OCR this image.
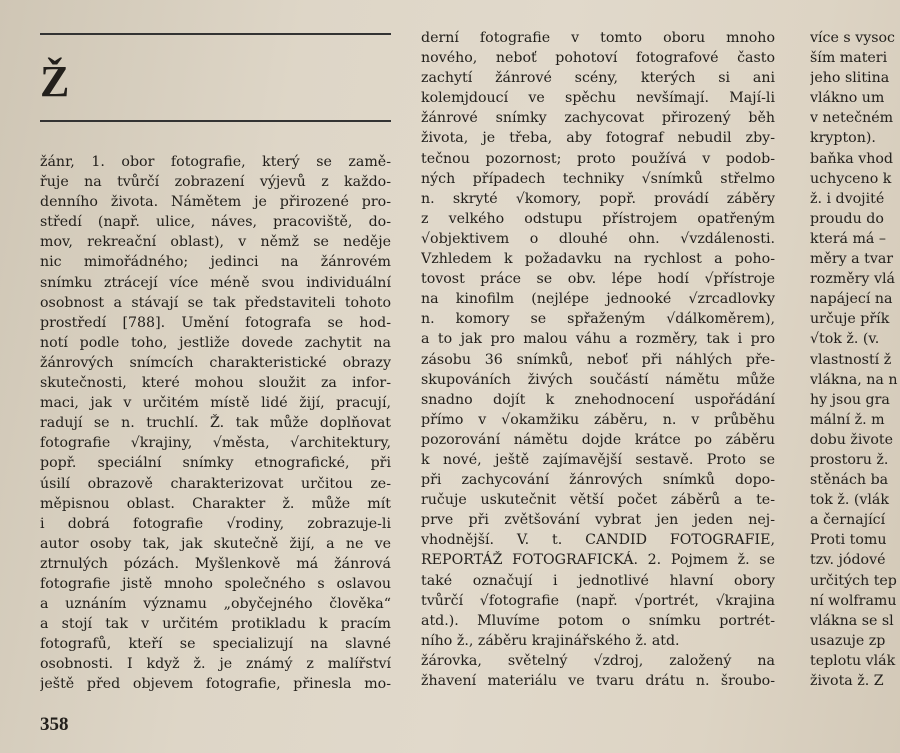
Ž
žánr, 1. obor fotografie, který se zamě-
řuje na tvůrčí zobrazení výjevů z každo-
denního života. Námětem je přirozené pro-
středí (např. ulice, náves, pracoviště, do-
mov, rekreační oblast), v němž se neděje
nic mimořádného; jedinci na žánrovém
snímku ztrácejí více méně svou individuální
osobnost a stávají se tak představiteli tohoto
prostředí [788]. Umění fotografa se hod-
notí podle toho, jestliže dovede zachytit na
žánrových snímcích charakteristické obrazy
skutečnosti, které mohou sloužit za infor-
maci, jak v určitém místě lidé žijí, pracují,
radují se n. truchlí. Ž. tak může doplňovat
fotografie √krajiny, √města, √architektury,
popř. speciální snímky etnografické, při
úsilí obrazově charakterizovat určitou ze-
měpisnou oblast. Charakter ž. může mít
i dobrá fotografie √rodiny, zobrazuje-li
autor osoby tak, jak skutečně žijí, a ne ve
ztrnulých pózách. Myšlenkově má žánrová
fotografie jistě mnoho společného s oslavou
a uznáním významu „obyčejného člověka“
a stojí tak v určitém protikladu k pracím
fotografů, kteří se specializují na slavné
osobnosti. I když ž. je známý z malířství
ještě před objevem fotografie, přinesla mo-
derní fotografie v tomto oboru mnoho
nového, neboť pohotoví fotografové často
zachytí žánrové scény, kterých si ani
kolemjdoucí ve spěchu nevšímají. Mají-li
žánrové snímky zachycovat přirozený běh
života, je třeba, aby fotograf nebudil zby-
tečnou pozornost; proto používá v podob-
ných případech techniky √snímků střelmo
n. skryté √komory, popř. provádí záběry
z velkého odstupu přístrojem opatřeným
√objektivem o dlouhé ohn. √vzdálenosti.
Vzhledem k požadavku na rychlost a poho-
tovost práce se obv. lépe hodí √přístroje
na kinofilm (nejlépe jednooké √zrcadlovky
n. komory se spřaženým √dálkoměrem),
a to jak pro malou váhu a rozměry, tak i pro
zásobu 36 snímků, neboť při náhlých pře-
skupováních živých součástí námětu může
snadno dojít k znehodnocení uspořádání
přímo v √okamžiku záběru, n. v průběhu
pozorování námětu dojde krátce po záběru
k nové, ještě zajímavější sestavě. Proto se
při zachycování žánrových snímků dopo-
ručuje uskutečnit větší počet záběrů a te-
prve při zvětšování vybrat jen jeden nej-
vhodnější. V. t. CANDID FOTOGRAFIE,
REPORTÁŽ FOTOGRAFICKÁ. 2. Pojmem ž. se
také označují i jednotlivé hlavní obory
tvůrčí √fotografie (např. √portrét, √krajina
atd.). Mluvíme potom o snímku portrét-
ního ž., záběru krajinářského ž. atd.
žárovka, světelný √zdroj, založený na
žhavení materiálu ve tvaru drátu n. šroubo-
více s vysoc
ším materi
jeho slitina
vlákno um
v netečném
krypton).
baňka vhod
uchyceno k
ž. i dvojité
proudu do
která má –
měry a tvar
rozměry vlá
napájecí na
určuje přík
√tok ž. (v.
vlastností ž
vlákna, na n
hy jsou gra
mální ž. m
dobu živote
prostoru ž.
stěnách ba
tok ž. (vlák
a černající
Proti tomu
tzv. jódové
určitých tep
ní wolframu
vlákna se sl
usazuje zp
teplotu vlák
života ž. Z
358
